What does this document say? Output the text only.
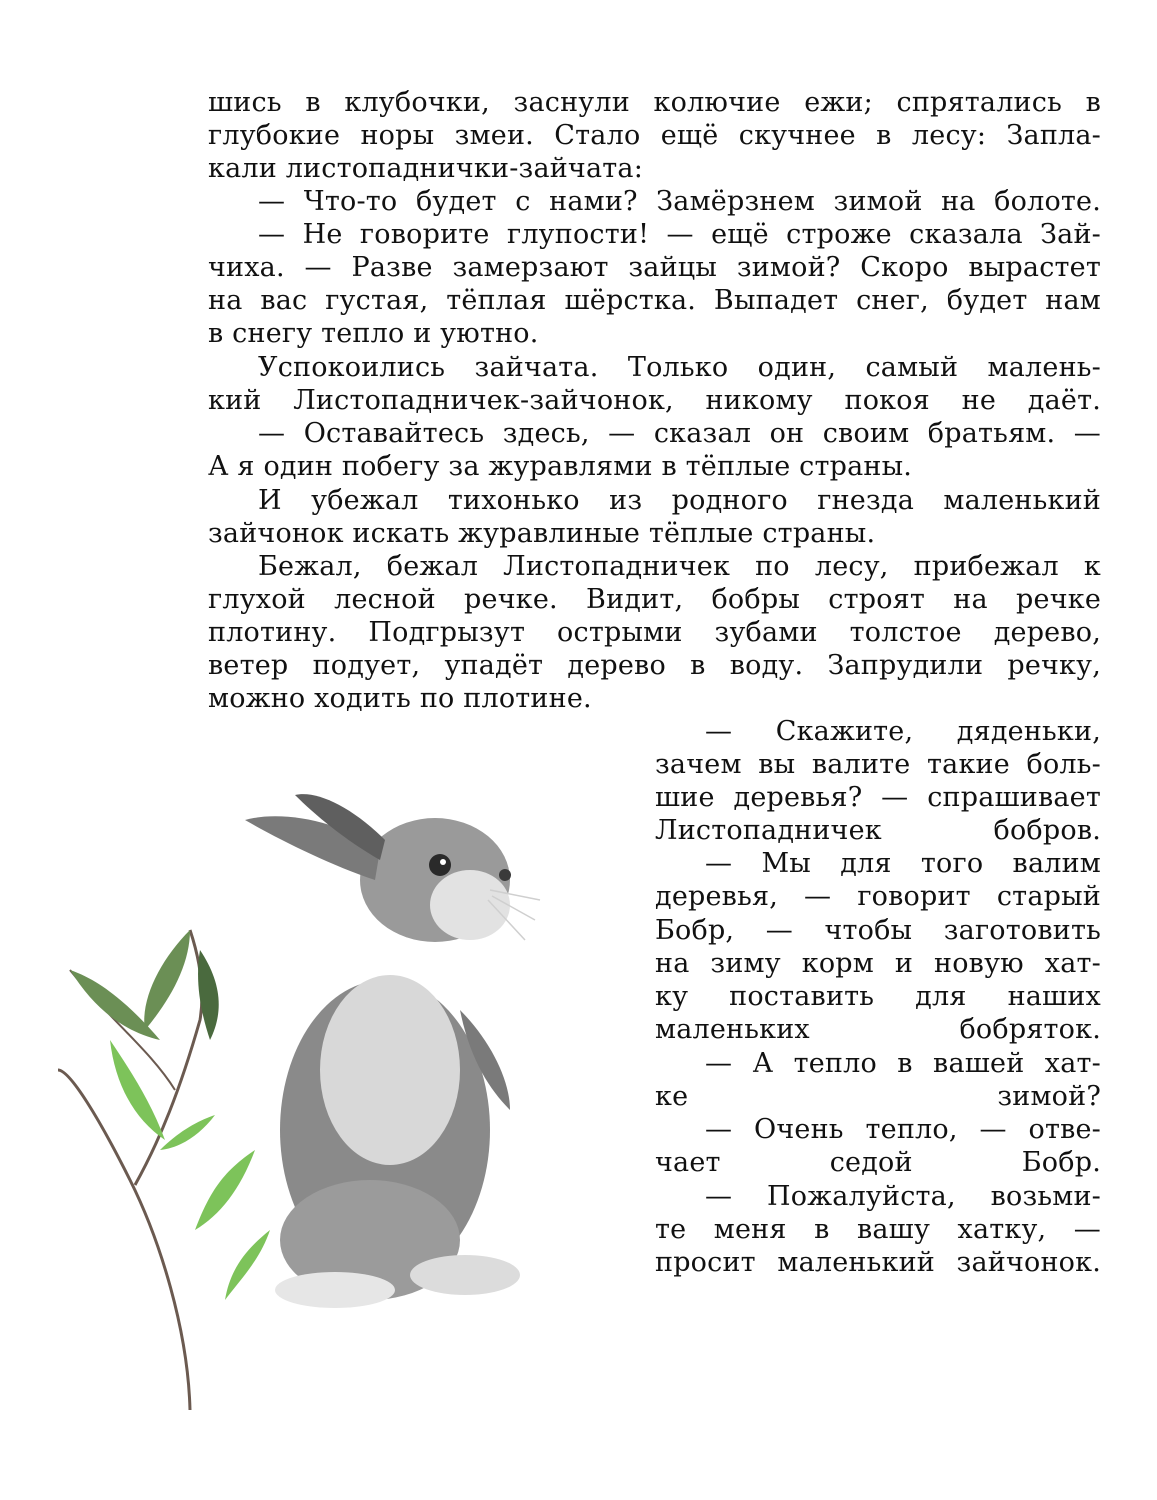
шись в клубочки, заснули колючие ежи; спрятались в
глубокие норы змеи. Стало ещё скучнее в лесу: Запла-
кали листопаднички-зайчата:
— Что-то будет с нами? Замёрзнем зимой на болоте.
— Не говорите глупости! — ещё строже сказала Зай-
чиха. — Разве замерзают зайцы зимой? Скоро вырастет
на вас густая, тёплая шёрстка. Выпадет снег, будет нам
в снегу тепло и уютно.
Успокоились зайчата. Только один, самый малень-
кий Листопадничек-зайчонок, никому покоя не даёт.
— Оставайтесь здесь, — сказал он своим братьям. —
А я один побегу за журавлями в тёплые страны.
И убежал тихонько из родного гнезда маленький
зайчонок искать журавлиные тёплые страны.
Бежал, бежал Листопадничек по лесу, прибежал к
глухой лесной речке. Видит, бобры строят на речке
плотину. Подгрызут острыми зубами толстое дерево,
ветер подует, упадёт дерево в воду. Запрудили речку,
можно ходить по плотине.
— Скажите, дяденьки,
зачем вы валите такие боль-
шие деревья? — спрашивает
Листопадничек бобров.
— Мы для того валим
деревья, — говорит старый
Бобр, — чтобы заготовить
на зиму корм и новую хат-
ку поставить для наших
маленьких бобряток.
— А тепло в вашей хат-
ке зимой?
— Очень тепло, — отве-
чает седой Бобр.
— Пожалуйста, возьми-
те меня в вашу хатку, —
просит маленький зайчонок.
